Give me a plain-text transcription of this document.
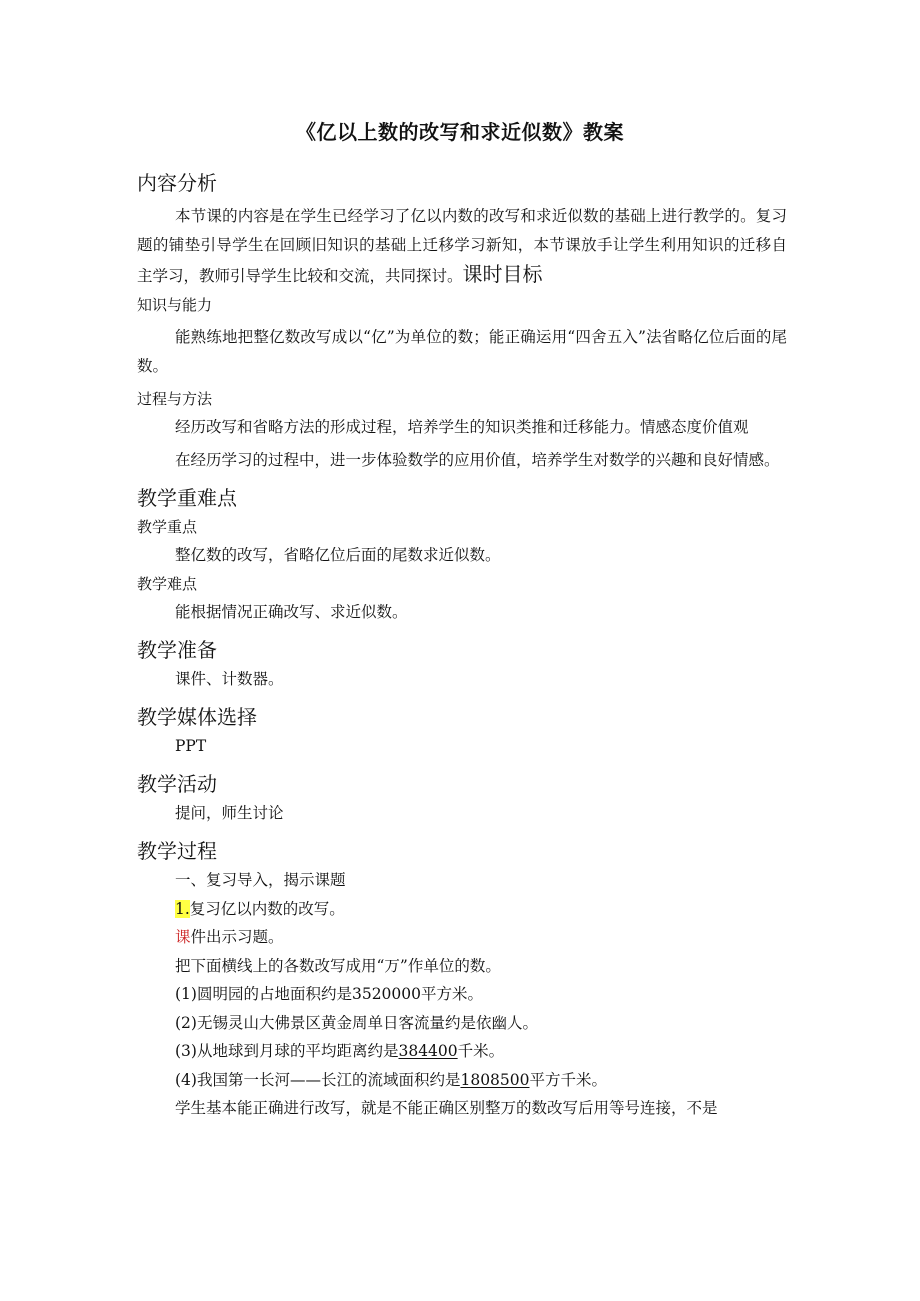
《亿以上数的改写和求近似数》教案
内容分析

本节课的内容是在学生已经学习了亿以内数的改写和求近似数的基础上进行教学的。复习题的铺垫引导学生在回顾旧知识的基础上迁移学习新知，本节课放手让学生利用知识的迁移自主学习，教师引导学生比较和交流，共同探讨。课时目标

知识与能力

能熟练地把整亿数改写成以“亿”为单位的数；能正确运用“四舍五入”法省略亿位后面的尾数。

过程与方法

经历改写和省略方法的形成过程，培养学生的知识类推和迁移能力。情感态度价值观

在经历学习的过程中，进一步体验数学的应用价值，培养学生对数学的兴趣和良好情感。

教学重难点

教学重点

整亿数的改写，省略亿位后面的尾数求近似数。

教学难点

能根据情况正确改写、求近似数。

教学准备

课件、计数器。

教学媒体选择

PPT

教学活动

提问，师生讨论

教学过程

一、复习导入，揭示课题

1.复习亿以内数的改写。

课件出示习题。

把下面横线上的各数改写成用“万”作单位的数。

(1)圆明园的占地面积约是3520000平方米。

(2)无锡灵山大佛景区黄金周单日客流量约是依幽人。

(3)从地球到月球的平均距离约是384400千米。

(4)我国第一长河——长江的流域面积约是1808500平方千米。

学生基本能正确进行改写，就是不能正确区别整万的数改写后用等号连接，不是
